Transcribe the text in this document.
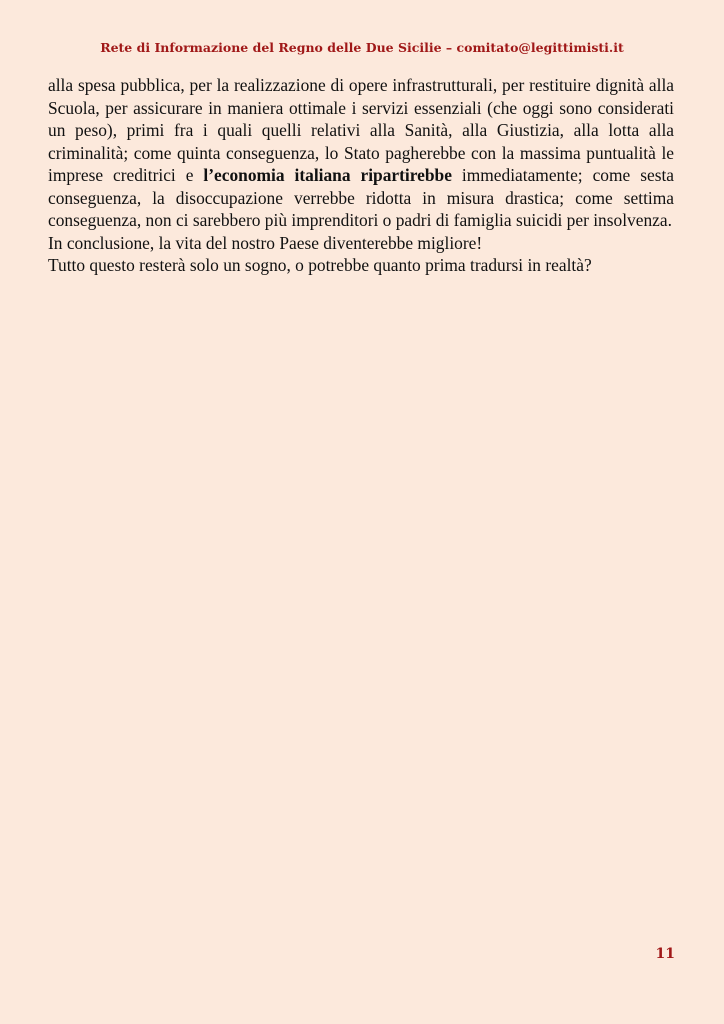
Rete di Informazione del Regno delle Due Sicilie – comitato@legittimisti.it

alla spesa pubblica, per la realizzazione di opere infrastrutturali, per restituire dignità alla Scuola, per assicurare in maniera ottimale i servizi essenziali (che oggi sono considerati un peso), primi fra i quali quelli relativi alla Sanità, alla Giustizia, alla lotta alla criminalità; come quinta conseguenza, lo Stato pagherebbe con la massima puntualità le imprese creditrici e l’economia italiana ripartirebbe immediatamente; come sesta conseguenza, la disoccupazione verrebbe ridotta in misura drastica; come settima conseguenza, non ci sarebbero più imprenditori o padri di famiglia suicidi per insolvenza.

In conclusione, la vita del nostro Paese diventerebbe migliore!

Tutto questo resterà solo un sogno, o potrebbe quanto prima tradursi in realtà?

11
